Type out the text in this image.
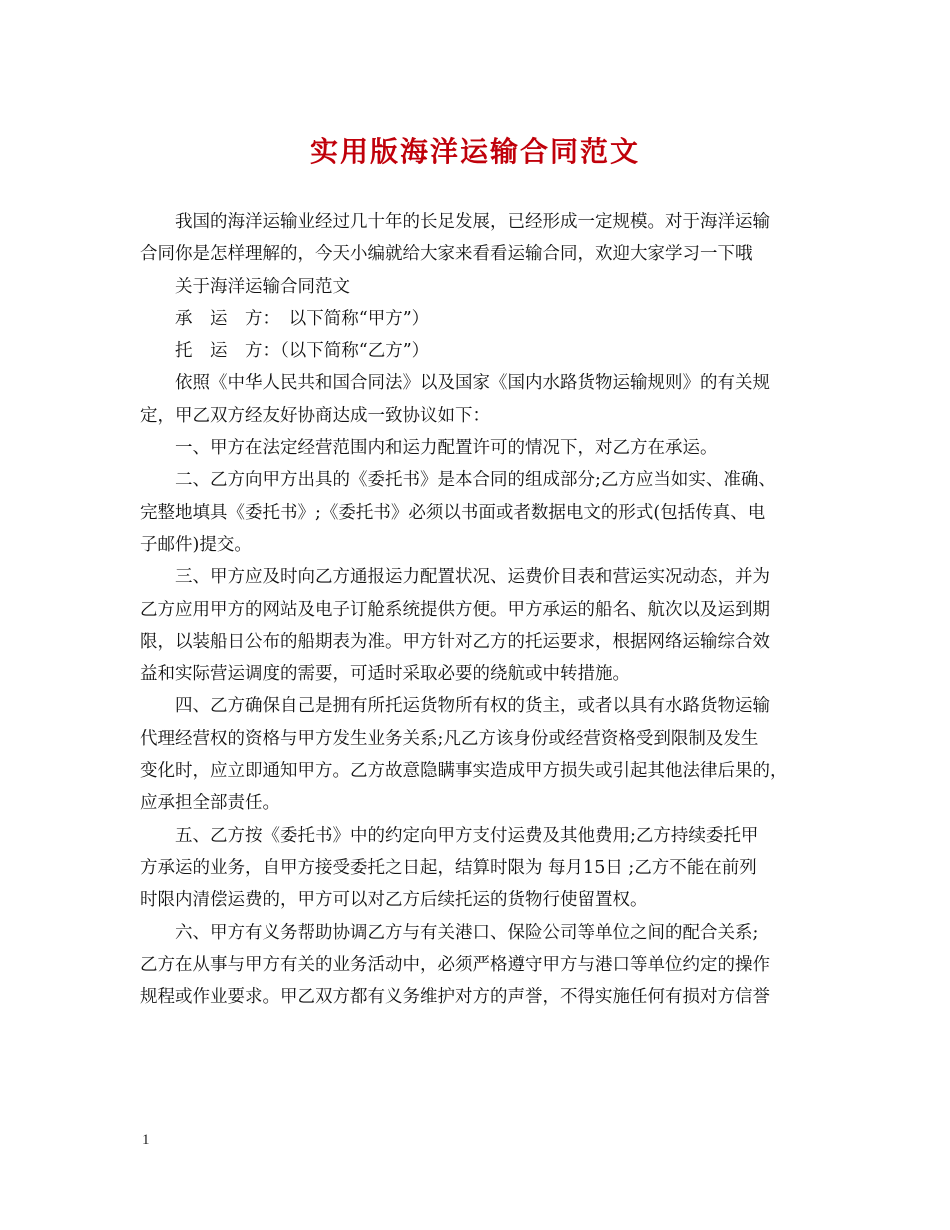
实用版海洋运输合同范文
我国的海洋运输业经过几十年的长足发展，已经形成一定规模。对于海洋运输
合同你是怎样理解的，今天小编就给大家来看看运输合同，欢迎大家学习一下哦
关于海洋运输合同范文
承　运　方：　以下简称“甲方”）
托　运　方：（以下简称“乙方”）
依照《中华人民共和国合同法》以及国家《国内水路货物运输规则》的有关规
定，甲乙双方经友好协商达成一致协议如下：
一、甲方在法定经营范围内和运力配置许可的情况下，对乙方在承运。
二、乙方向甲方出具的《委托书》是本合同的组成部分;乙方应当如实、准确、
完整地填具《委托书》;《委托书》必须以书面或者数据电文的形式(包括传真、电
子邮件)提交。
三、甲方应及时向乙方通报运力配置状况、运费价目表和营运实况动态，并为
乙方应用甲方的网站及电子订舱系统提供方便。甲方承运的船名、航次以及运到期
限，以装船日公布的船期表为准。甲方针对乙方的托运要求，根据网络运输综合效
益和实际营运调度的需要，可适时采取必要的绕航或中转措施。
四、乙方确保自己是拥有所托运货物所有权的货主，或者以具有水路货物运输
代理经营权的资格与甲方发生业务关系;凡乙方该身份或经营资格受到限制及发生
变化时，应立即通知甲方。乙方故意隐瞒事实造成甲方损失或引起其他法律后果的，
应承担全部责任。
五、乙方按《委托书》中的约定向甲方支付运费及其他费用;乙方持续委托甲
方承运的业务，自甲方接受委托之日起，结算时限为 每月15日 ;乙方不能在前列
时限内清偿运费的，甲方可以对乙方后续托运的货物行使留置权。
六、甲方有义务帮助协调乙方与有关港口、保险公司等单位之间的配合关系;
乙方在从事与甲方有关的业务活动中，必须严格遵守甲方与港口等单位约定的操作
规程或作业要求。甲乙双方都有义务维护对方的声誉，不得实施任何有损对方信誉
1
